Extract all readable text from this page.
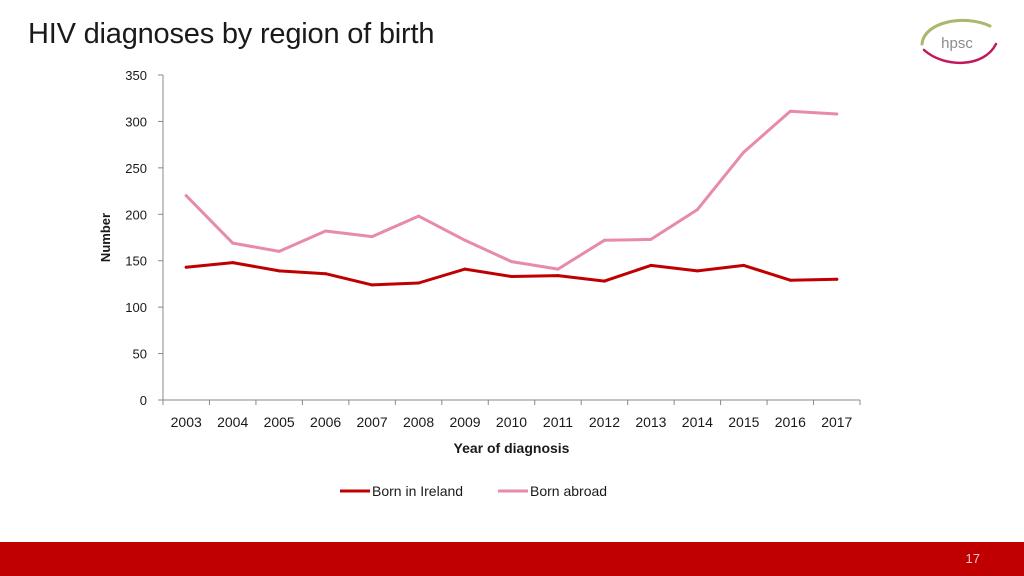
HIV diagnoses by region of birth	hpsc
0
50
100
150
200
250
300
350
2003 2004 2005 2006 2007 2008 2009 2010 2011 2012 2013 2014 2015 2016 2017
Number
Year of diagnosis
Born in Ireland	Born abroad
17
